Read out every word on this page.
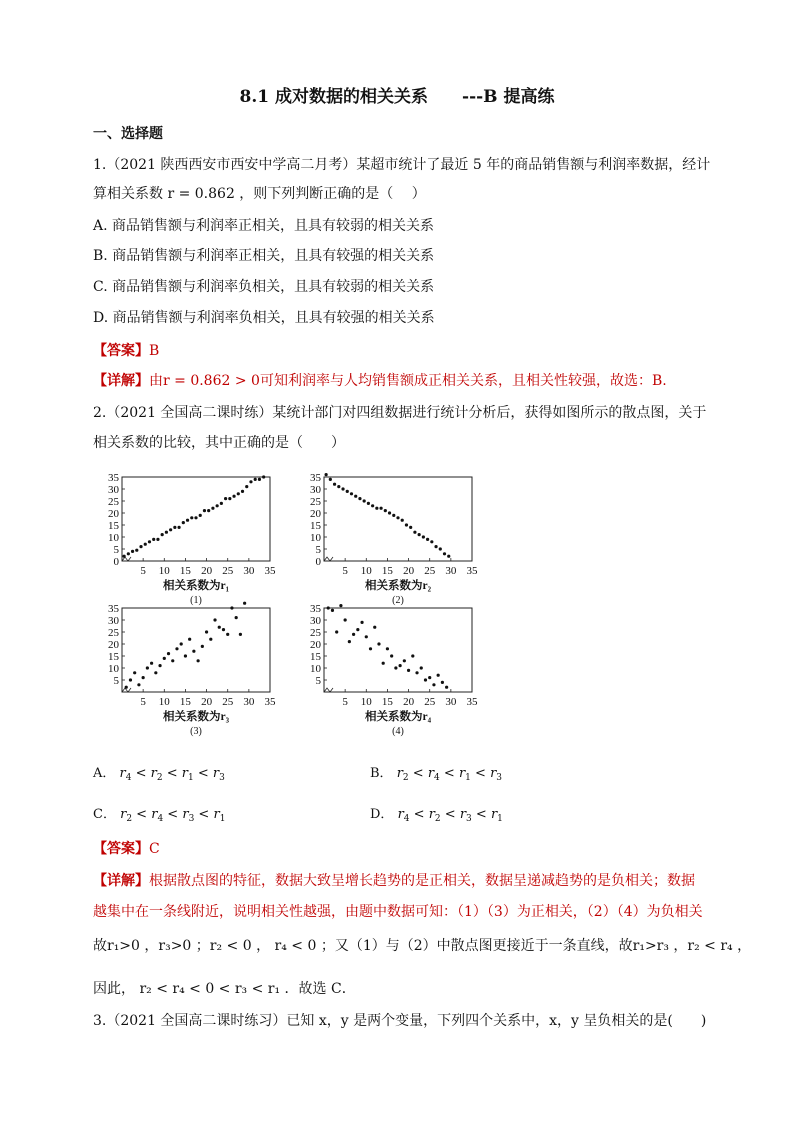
8.1 成对数据的相关关系 ---B 提高练
一、选择题
1.（2021 陕西西安市西安中学高二月考）某超市统计了最近 5 年的商品销售额与利润率数据，经计
算相关系数 r = 0.862 ，则下列判断正确的是（　 ）
A. 商品销售额与利润率正相关，且具有较弱的相关关系
B. 商品销售额与利润率正相关，且具有较强的相关关系
C. 商品销售额与利润率负相关，且具有较弱的相关关系
D. 商品销售额与利润率负相关，且具有较强的相关关系
【答案】B
【详解】由r = 0.862 > 0可知利润率与人均销售额成正相关关系，且相关性较强，故选：B.
2.（2021 全国高二课时练）某统计部门对四组数据进行统计分析后，获得如图所示的散点图，关于
相关系数的比较，其中正确的是（　　）
5
10
15
20
25
30
35
0
5 10 15 20 25 30 35
相关系数为r₁
(1)
5
10
15
20
25
30
35
0
5 10 15 20 25 30 35
相关系数为r₂
(2)
5
10
15
20
25
30
35
5 10 15 20 25 30 35
相关系数为r₃
(3)
5
10
15
20
25
30
35
5 10 15 20 25 30 35
相关系数为r₄
(4)
A． $r_4 < r_2 < r_1 < r_3$	B． $r_2 < r_4 < r_1 < r_3$
C． $r_2 < r_4 < r_3 < r_1$	D． $r_4 < r_2 < r_3 < r_1$
【答案】C
【详解】根据散点图的特征，数据大致呈增长趋势的是正相关，数据呈递减趋势的是负相关；数据
越集中在一条线附近，说明相关性越强，由题中数据可知：（1）（3）为正相关，（2）（4）为负相关
故r₁>0 ，r₃>0 ；r₂ < 0 ， r₄ < 0 ；又（1）与（2）中散点图更接近于一条直线，故r₁>r₃ ，r₂ < r₄ ，
因此， r₂ < r₄ < 0 < r₃ < r₁ ．故选 C．
3.（2021 全国高二课时练习）已知 x，y 是两个变量，下列四个关系中，x，y 呈负相关的是(　　)
